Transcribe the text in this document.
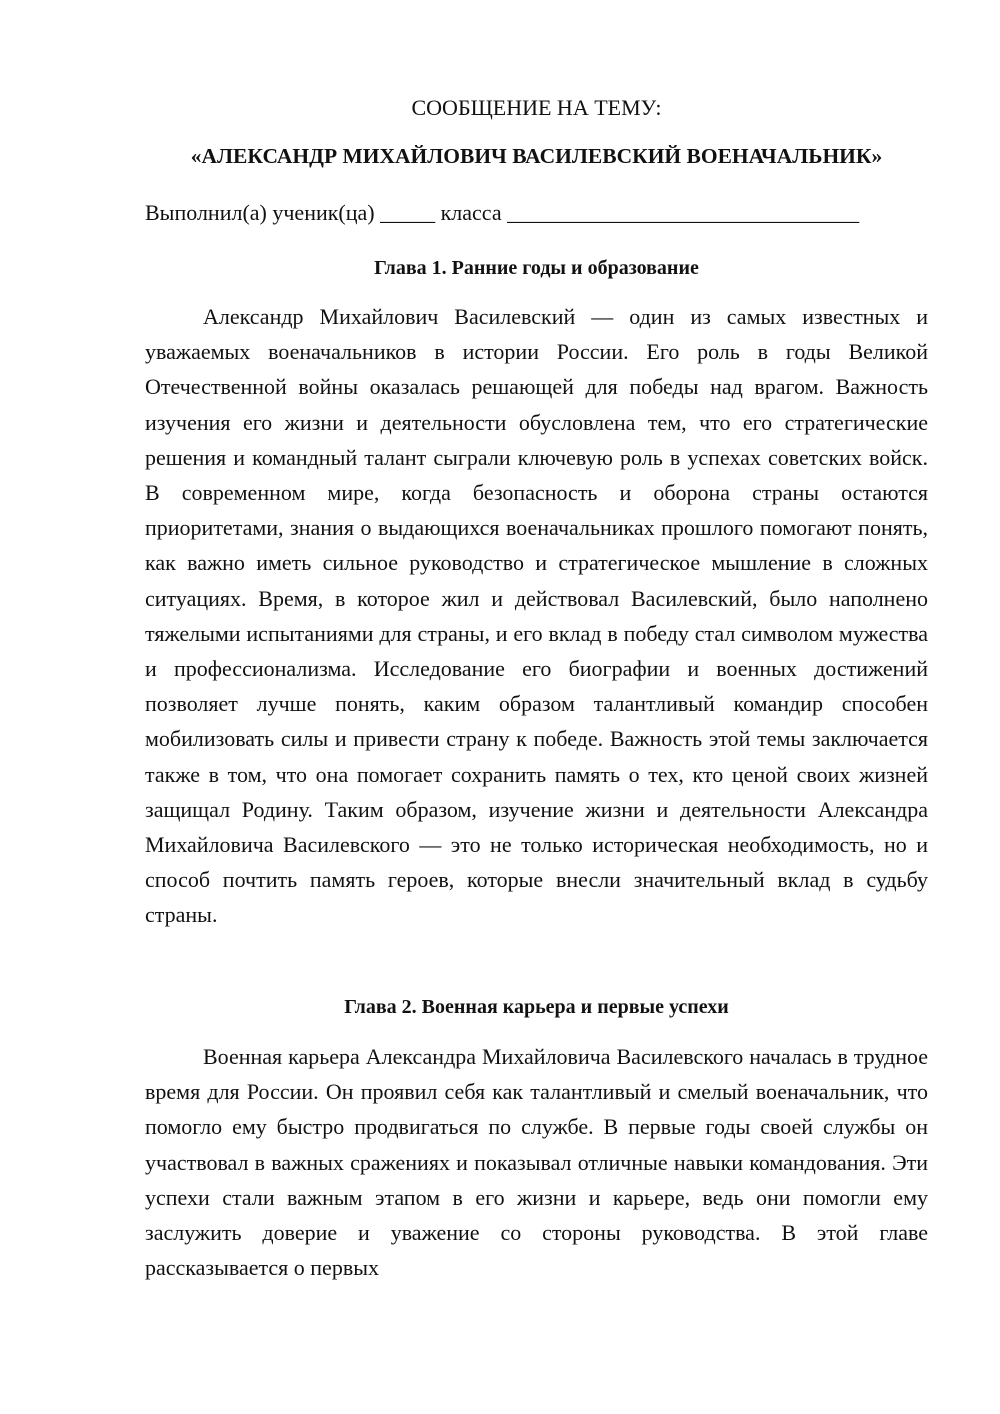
СООБЩЕНИЕ НА ТЕМУ:
«АЛЕКСАНДР МИХАЙЛОВИЧ ВАСИЛЕВСКИЙ ВОЕНАЧАЛЬНИК»
Выполнил(а) ученик(ца) _____ класса ________________________________
Глава 1. Ранние годы и образование

Александр Михайлович Василевский — один из самых известных и уважаемых военачальников в истории России. Его роль в годы Великой Отечественной войны оказалась решающей для победы над врагом. Важность изучения его жизни и деятельности обусловлена тем, что его стратегические решения и командный талант сыграли ключевую роль в успехах советских войск. В современном мире, когда безопасность и оборона страны остаются приоритетами, знания о выдающихся военачальниках прошлого помогают понять, как важно иметь сильное руководство и стратегическое мышление в сложных ситуациях. Время, в которое жил и действовал Василевский, было наполнено тяжелыми испытаниями для страны, и его вклад в победу стал символом мужества и профессионализма. Исследование его биографии и военных достижений позволяет лучше понять, каким образом талантливый командир способен мобилизовать силы и привести страну к победе. Важность этой темы заключается также в том, что она помогает сохранить память о тех, кто ценой своих жизней защищал Родину. Таким образом, изучение жизни и деятельности Александра Михайловича Василевского — это не только историческая необходимость, но и способ почтить память героев, которые внесли значительный вклад в судьбу страны.

Глава 2. Военная карьера и первые успехи

Военная карьера Александра Михайловича Василевского началась в трудное время для России. Он проявил себя как талантливый и смелый военачальник, что помогло ему быстро продвигаться по службе. В первые годы своей службы он участвовал в важных сражениях и показывал отличные навыки командования. Эти успехи стали важным этапом в его жизни и карьере, ведь они помогли ему заслужить доверие и уважение со стороны руководства. В этой главе рассказывается о первых
